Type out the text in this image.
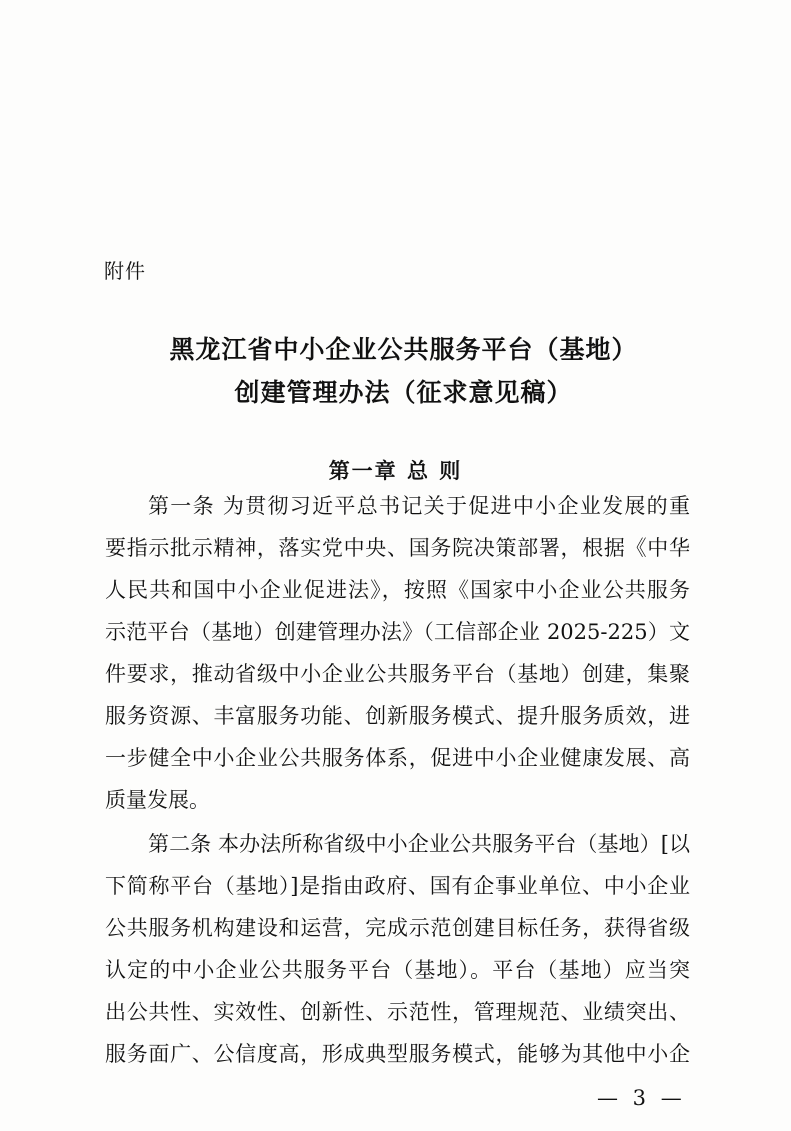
附件
黑龙江省中小企业公共服务平台（基地）
创建管理办法（征求意见稿）
第一章 总 则
第一条 为贯彻习近平总书记关于促进中小企业发展的重
要指示批示精神，落实党中央、国务院决策部署，根据《中华
人民共和国中小企业促进法》，按照《国家中小企业公共服务
示范平台（基地）创建管理办法》（工信部企业 2025-225）文
件要求，推动省级中小企业公共服务平台（基地）创建，集聚
服务资源、丰富服务功能、创新服务模式、提升服务质效，进
一步健全中小企业公共服务体系，促进中小企业健康发展、高
质量发展。
第二条 本办法所称省级中小企业公共服务平台（基地）[以
下简称平台（基地）]是指由政府、国有企事业单位、中小企业
公共服务机构建设和运营，完成示范创建目标任务，获得省级
认定的中小企业公共服务平台（基地）。平台（基地）应当突
出公共性、实效性、创新性、示范性，管理规范、业绩突出、
服务面广、公信度高，形成典型服务模式，能够为其他中小企
— 3 —
